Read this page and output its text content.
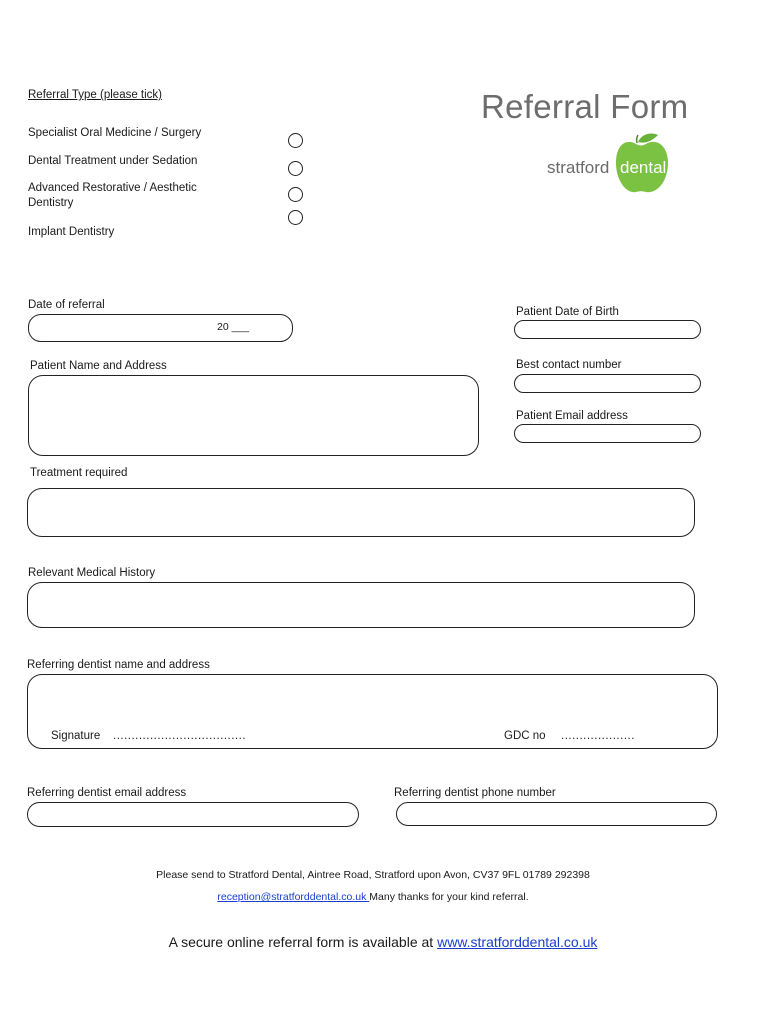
Referral Type (please tick)	Referral Form
stratford dental
Specialist Oral Medicine / Surgery
Dental Treatment under Sedation
Advanced Restorative / Aesthetic
Dentistry
Implant Dentistry
Date of referral
20 ___
Patient Date of Birth
Patient Name and Address	Best contact number
Patient Email address
Treatment required
Relevant Medical History
Referring dentist name and address
Signature ....................................	GDC no ....................
Referring dentist email address	Referring dentist phone number
Please send to Stratford Dental, Aintree Road, Stratford upon Avon, CV37 9FL 01789 292398
reception@stratforddental.co.uk Many thanks for your kind referral.
A secure online referral form is available at www.stratforddental.co.uk
